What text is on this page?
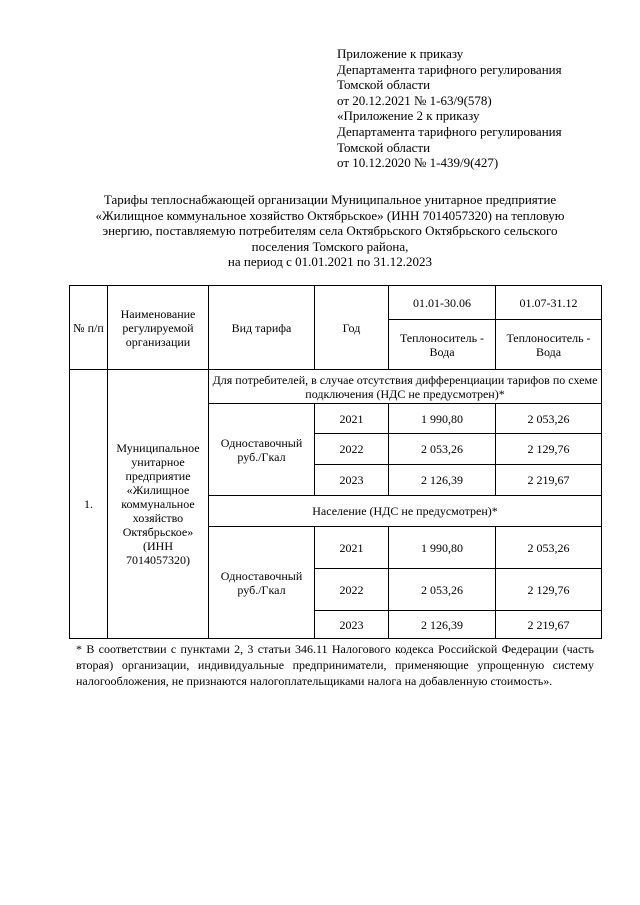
Приложение к приказу
Департамента тарифного регулирования
Томской области
от 20.12.2021 № 1-63/9(578)
«Приложение 2 к приказу
Департамента тарифного регулирования
Томской области
от 10.12.2020 № 1-439/9(427)
Тарифы теплоснабжающей организации Муниципальное унитарное предприятие
«Жилищное коммунальное хозяйство Октябрьское» (ИНН 7014057320) на тепловую
энергию, поставляемую потребителям села Октябрьского Октябрьского сельского
поселения Томского района,
на период с 01.01.2021 по 31.12.2023
№ п/п	Наименование регулируемой организации	Вид тарифа	Год	01.01-30.06	01.07-31.12
				Теплоноситель - Вода	Теплоноситель - Вода
1.	Муниципальное унитарное предприятие «Жилищное коммунальное хозяйство Октябрьское» (ИНН 7014057320)	Для потребителей, в случае отсутствия дифференциации тарифов по схеме подключения (НДС не предусмотрен)*			
		Одноставочный руб./Гкал	2021	1 990,80	2 053,26
			2022	2 053,26	2 129,76
			2023	2 126,39	2 219,67
		Население (НДС не предусмотрен)*			
		Одноставочный руб./Гкал	2021	1 990,80	2 053,26
			2022	2 053,26	2 129,76
			2023	2 126,39	2 219,67
* В соответствии с пунктами 2, 3 статьи 346.11 Налогового кодекса Российской Федерации (часть вторая) организации, индивидуальные предприниматели, применяющие упрощенную систему налогообложения, не признаются налогоплательщиками налога на добавленную стоимость».
